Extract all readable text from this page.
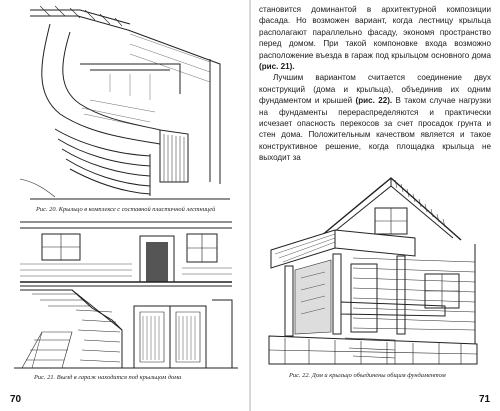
Рис. 20. Крыльцо в комплексе с составной пластичной лестницей
Рис. 21. Въезд в гараж находится под крыльцом дома
70

становится доминантой в архитектурной композиции фасада. Но возможен вариант, когда лестницу крыльца располагают параллельно фасаду, экономя пространство перед домом. При такой компоновке входа возможно расположение въезда в гараж под крыльцом основного дома (рис. 21).

Лучшим вариантом считается соединение двух конструкций (дома и крыльца), объединив их одним фундаментом и крышей (рис. 22). В таком случае нагрузки на фундаменты перераспределяются и практически исчезает опасность перекосов за счет просадок грунта и стен дома. Положительным качеством является и такое конструктивное решение, когда площадка крыльца не выходит за

Рис. 22. Дом и крыльцо объединены общим фундаментом
71
